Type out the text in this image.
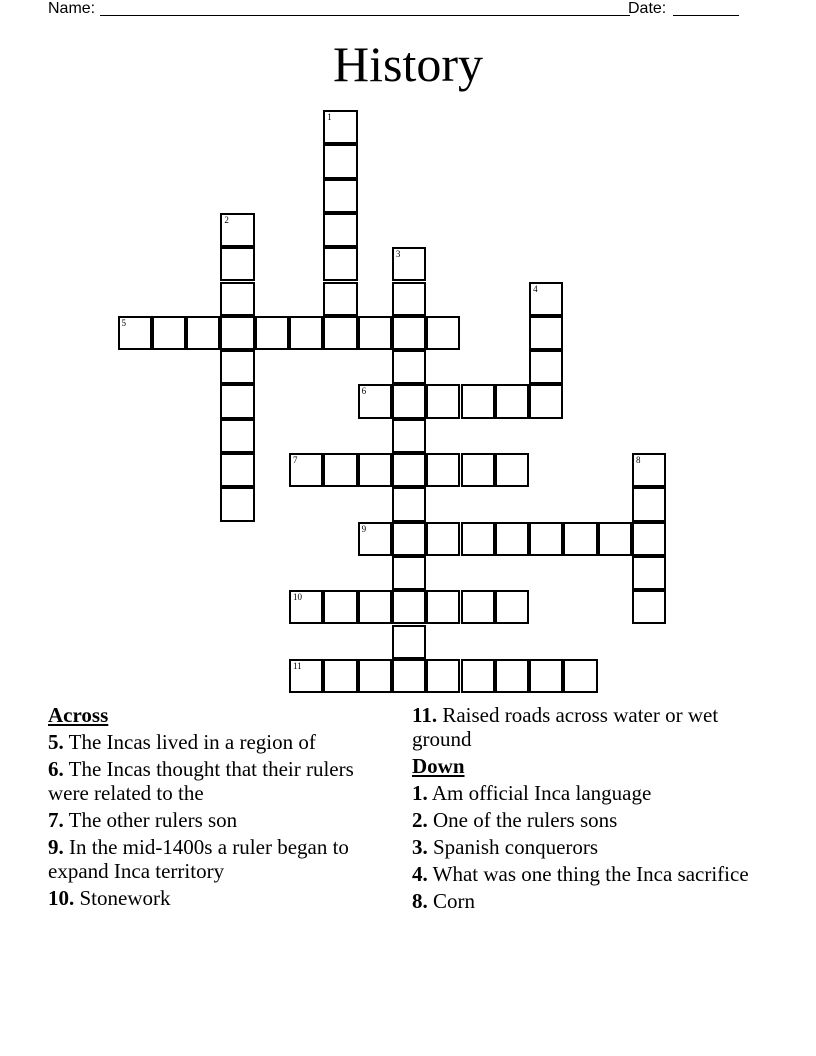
Name:	Date:
History
1
2
3
4
5
6
7	8
9
10
11
Across
5. The Incas lived in a region of
6. The Incas thought that their rulers were related to the
7. The other rulers son
9. In the mid-1400s a ruler began to expand Inca territory
10. Stonework
11. Raised roads across water or wet ground
Down
1. Am official Inca language
2. One of the rulers sons
3. Spanish conquerors
4. What was one thing the Inca sacrifice
8. Corn
